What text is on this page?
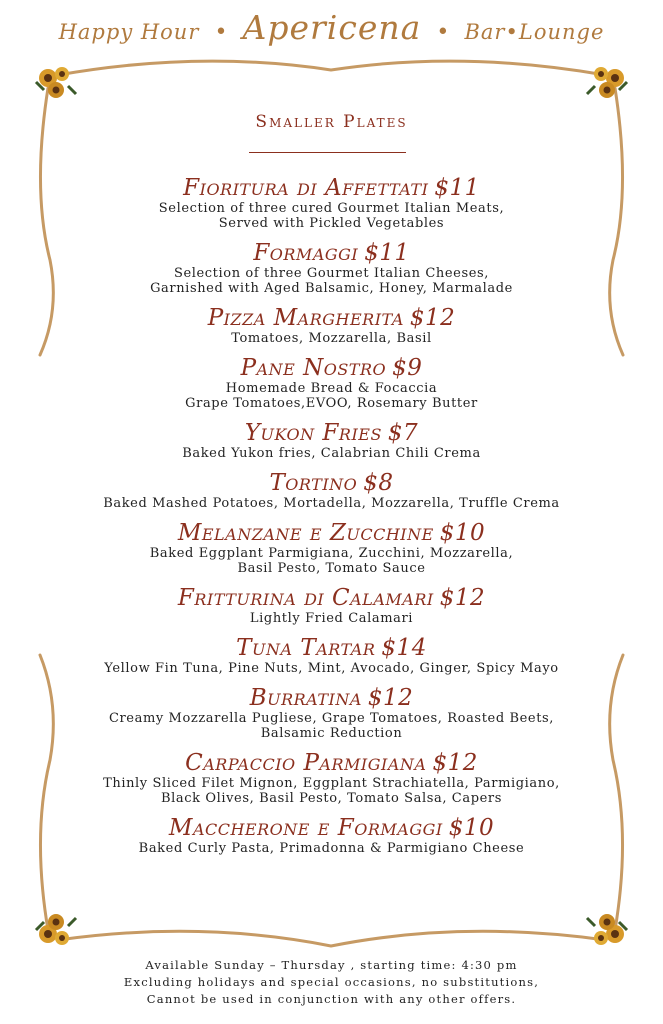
Happy Hour • Apericena • Bar•Lounge
Smaller Plates
Fioritura di Affettati $11
Selection of three cured Gourmet Italian Meats,
Served with Pickled Vegetables
Formaggi $11
Selection of three Gourmet Italian Cheeses,
Garnished with Aged Balsamic, Honey, Marmalade
Pizza Margherita $12
Tomatoes, Mozzarella, Basil
Pane Nostro $9
Homemade Bread & Focaccia
Grape Tomatoes,EVOO, Rosemary Butter
Yukon Fries $7
Baked Yukon fries, Calabrian Chili Crema
Tortino $8
Baked Mashed Potatoes, Mortadella, Mozzarella, Truffle Crema
Melanzane e Zucchine $10
Baked Eggplant Parmigiana, Zucchini, Mozzarella,
Basil Pesto, Tomato Sauce
Fritturina di Calamari $12
Lightly Fried Calamari
Tuna Tartar $14
Yellow Fin Tuna, Pine Nuts, Mint, Avocado, Ginger, Spicy Mayo
Burratina $12
Creamy Mozzarella Pugliese, Grape Tomatoes, Roasted Beets,
Balsamic Reduction
Carpaccio Parmigiana $12
Thinly Sliced Filet Mignon, Eggplant Strachiatella, Parmigiano,
Black Olives, Basil Pesto, Tomato Salsa, Capers
Maccherone e Formaggi $10
Baked Curly Pasta, Primadonna & Parmigiano Cheese
Available Sunday – Thursday , starting time: 4:30 pm
Excluding holidays and special occasions, no substitutions,
Cannot be used in conjunction with any other offers.
